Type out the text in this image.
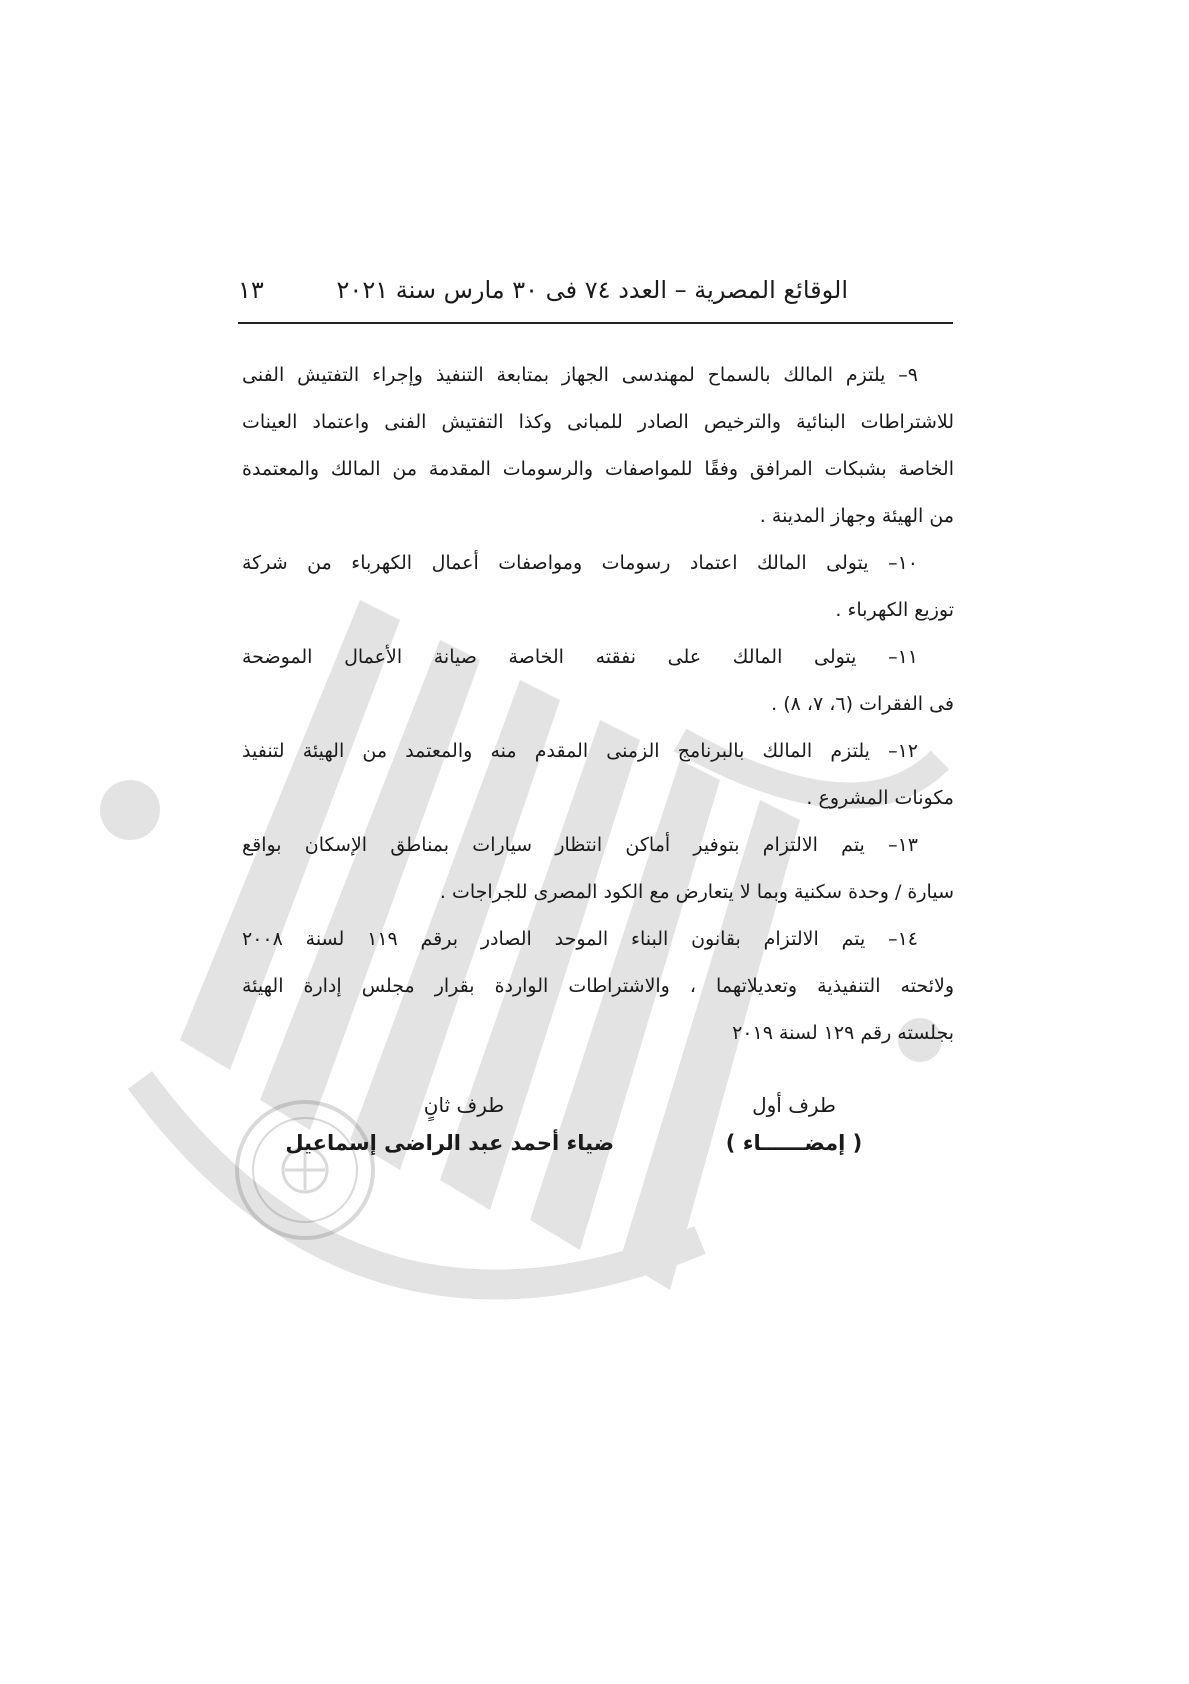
الوقائع المصرية – العدد ٧٤ فى ٣٠ مارس سنة ٢٠٢١
١٣

٩– يلتزم المالك بالسماح لمهندسى الجهاز بمتابعة التنفيذ وإجراء التفتيش الفنى

للاشتراطات البنائية والترخيص الصادر للمبانى وكذا التفتيش الفنى واعتماد العينات

الخاصة بشبكات المرافق وفقًا للمواصفات والرسومات المقدمة من المالك والمعتمدة

من الهيئة وجهاز المدينة .

١٠– يتولى المالك اعتماد رسومات ومواصفات أعمال الكهرباء من شركة

توزيع الكهرباء .

١١– يتولى المالك على نفقته الخاصة صيانة الأعمال الموضحة

فى الفقرات (٦، ٧، ٨) .

١٢– يلتزم المالك بالبرنامج الزمنى المقدم منه والمعتمد من الهيئة لتنفيذ

مكونات المشروع .

١٣– يتم الالتزام بتوفير أماكن انتظار سيارات بمناطق الإسكان بواقع

سيارة / وحدة سكنية وبما لا يتعارض مع الكود المصرى للجراجات .

١٤– يتم الالتزام بقانون البناء الموحد الصادر برقم ١١٩ لسنة ٢٠٠٨

ولائحته التنفيذية وتعديلاتهما ، والاشتراطات الواردة بقرار مجلس إدارة الهيئة

بجلسته رقم ١٢٩ لسنة ٢٠١٩

طرف أول
( إمضــــــاء )
طرف ثانٍ
ضياء أحمد عبد الراضى إسماعيل
